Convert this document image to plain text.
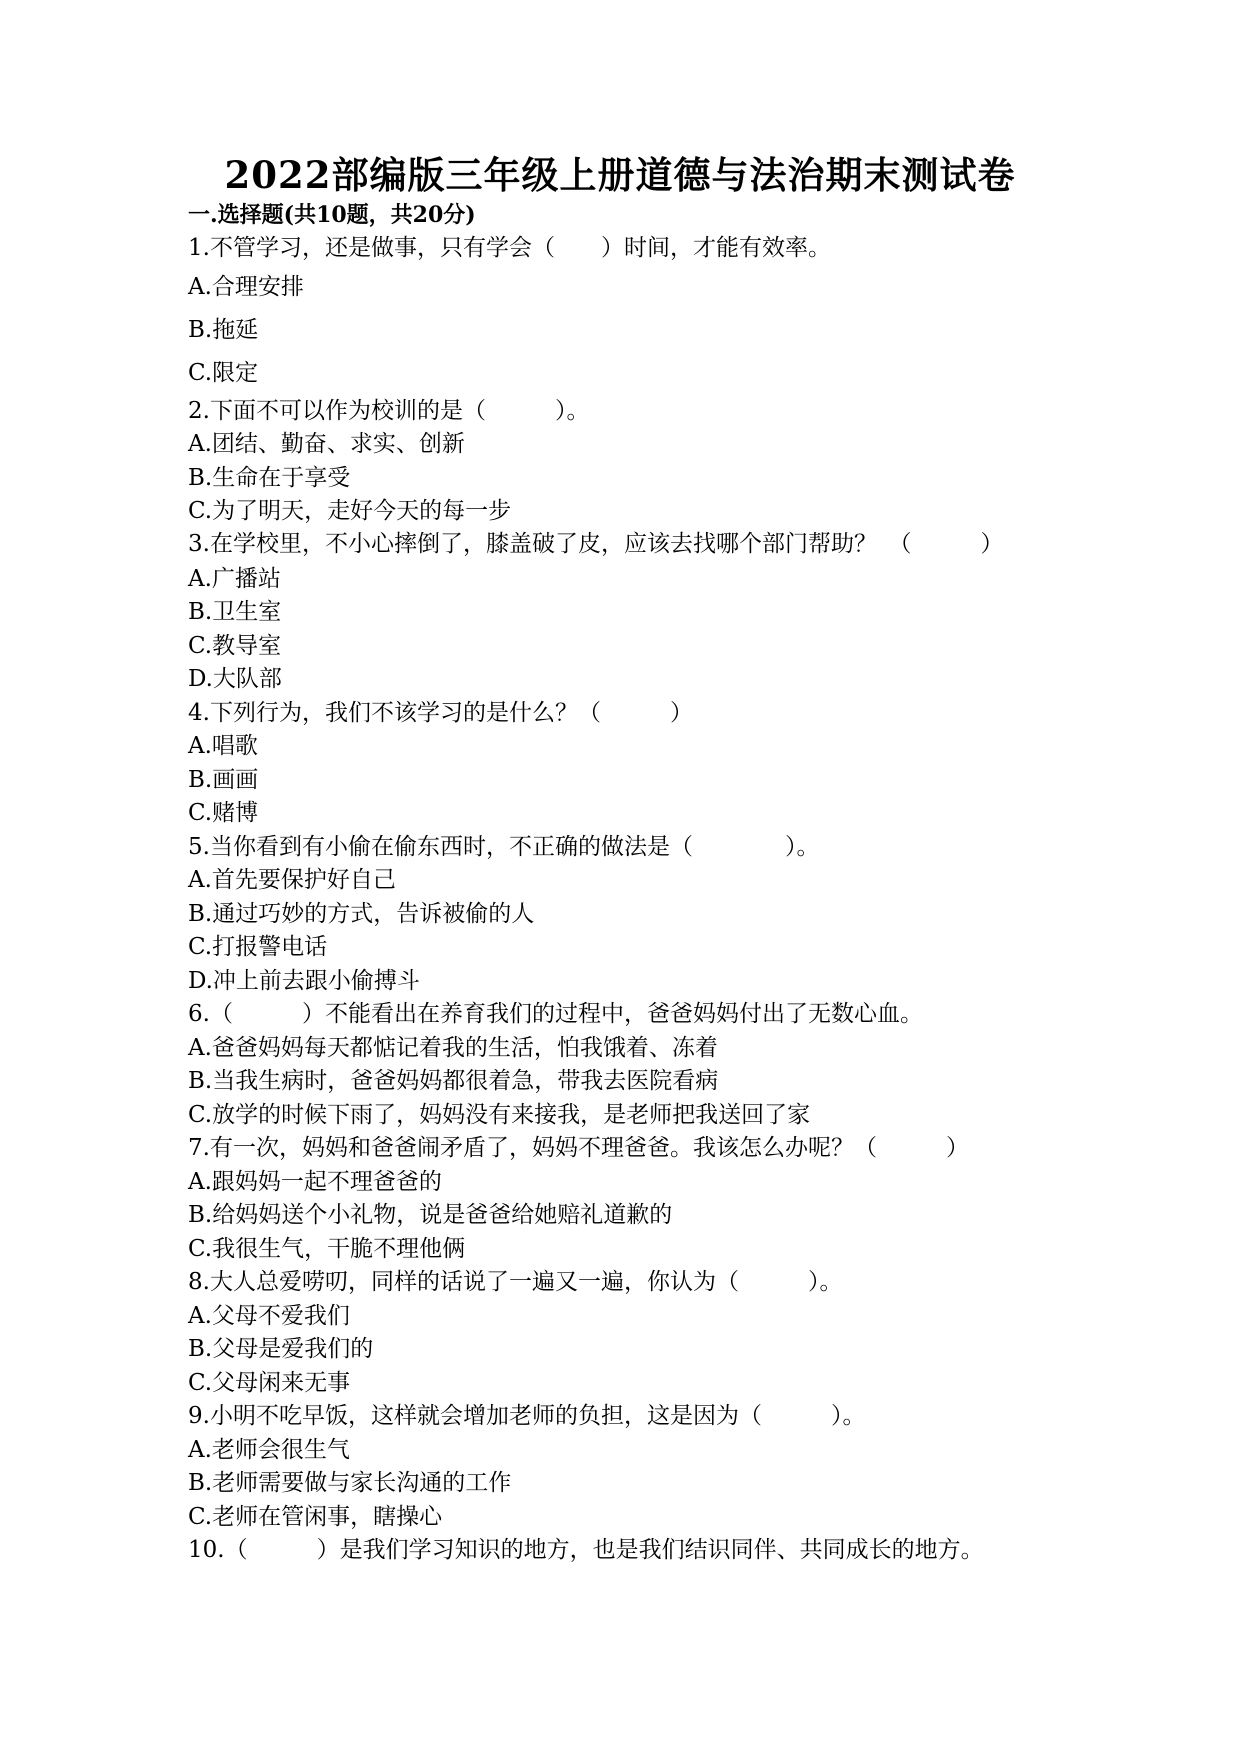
2022部编版三年级上册道德与法治期末测试卷
一.选择题(共10题，共20分)

1.不管学习，还是做事，只有学会（　　）时间，才能有效率。

A.合理安排

B.拖延

C.限定

2.下面不可以作为校训的是（　　　）。

A.团结、勤奋、求实、创新

B.生命在于享受

C.为了明天，走好今天的每一步

3.在学校里，不小心摔倒了，膝盖破了皮，应该去找哪个部门帮助？　（　　　）

A.广播站

B.卫生室

C.教导室

D.大队部

4.下列行为，我们不该学习的是什么？（　　　）

A.唱歌

B.画画

C.赌博

5.当你看到有小偷在偷东西时，不正确的做法是（　　　　）。

A.首先要保护好自己

B.通过巧妙的方式，告诉被偷的人

C.打报警电话

D.冲上前去跟小偷搏斗

6.（　　　）不能看出在养育我们的过程中，爸爸妈妈付出了无数心血。

A.爸爸妈妈每天都惦记着我的生活，怕我饿着、冻着

B.当我生病时，爸爸妈妈都很着急，带我去医院看病

C.放学的时候下雨了，妈妈没有来接我，是老师把我送回了家

7.有一次，妈妈和爸爸闹矛盾了，妈妈不理爸爸。我该怎么办呢？（　　　）

A.跟妈妈一起不理爸爸的

B.给妈妈送个小礼物，说是爸爸给她赔礼道歉的

C.我很生气，干脆不理他俩

8.大人总爱唠叨，同样的话说了一遍又一遍，你认为（　　　）。

A.父母不爱我们

B.父母是爱我们的

C.父母闲来无事

9.小明不吃早饭，这样就会增加老师的负担，这是因为（　　　）。

A.老师会很生气

B.老师需要做与家长沟通的工作

C.老师在管闲事，瞎操心

10.（　　　）是我们学习知识的地方，也是我们结识同伴、共同成长的地方。
